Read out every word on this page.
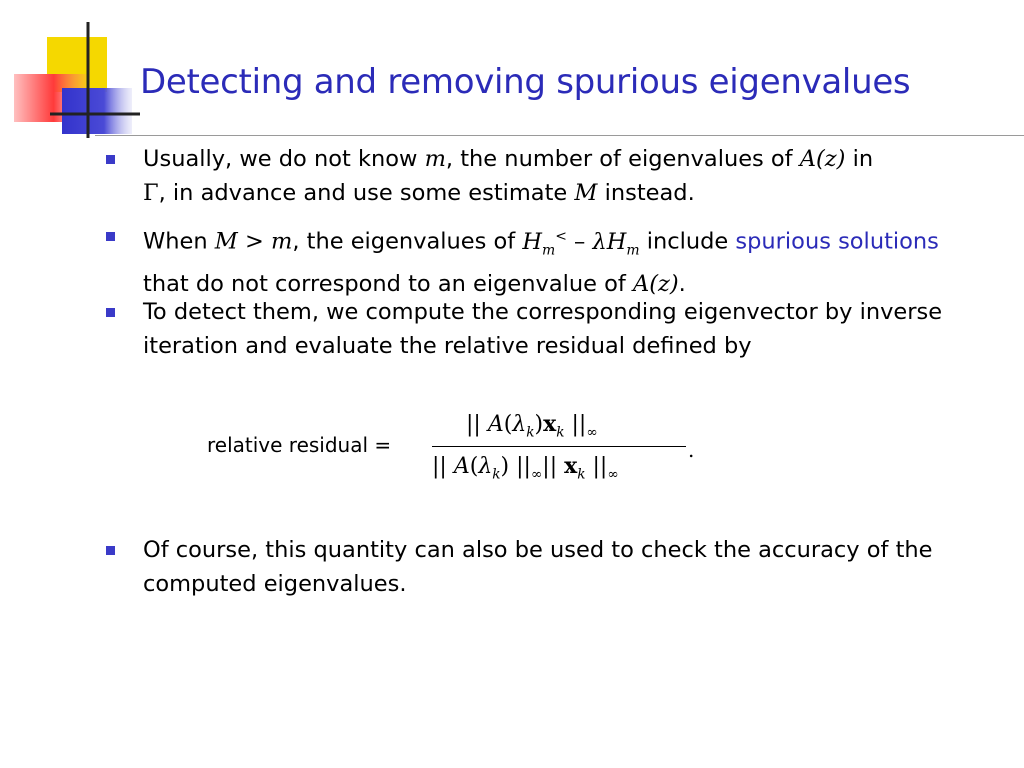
Detecting and removing spurious eigenvalues
Usually, we do not know m, the number of eigenvalues of A(z) in
Γ, in advance and use some estimate M instead.
When M > m, the eigenvalues of $H_m^< - \lambda H_m$ include spurious solutions that do not correspond to an eigenvalue of A(z).
To detect them, we compute the corresponding eigenvector by inverse iteration and evaluate the relative residual defined by
relative residual =
|| $A(\lambda_k)x_k$ $||_\infty$
|| $A(\lambda_k)$ $||_\infty||$ $x_k$ $||_\infty$
.
Of course, this quantity can also be used to check the accuracy of the computed eigenvalues.
